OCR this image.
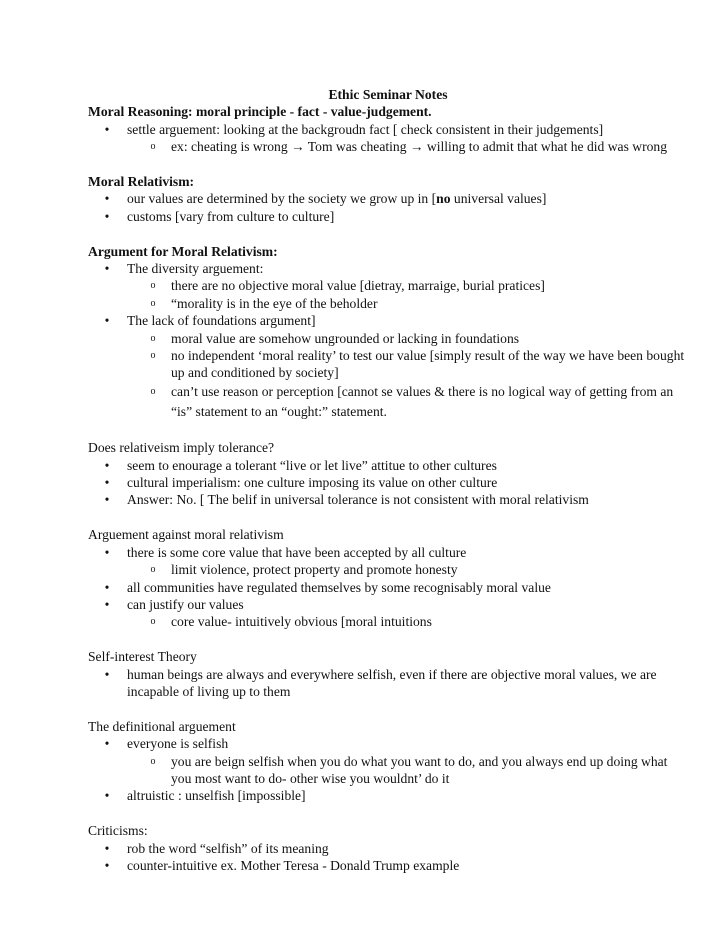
Ethic Seminar Notes

Moral Reasoning: moral principle - fact - value-judgement.

• settle arguement: looking at the backgroudn fact [ check consistent in their judgements]
o ex: cheating is wrong → Tom was cheating → willing to admit that what he did was wrong

Moral Relativism:

• our values are determined by the society we grow up in [no universal values]
• customs [vary from culture to culture]

Argument for Moral Relativism:

• The diversity arguement:
o there are no objective moral value [dietray, marraige, burial pratices]
o “morality is in the eye of the beholder
• The lack of foundations argument]
o moral value are somehow ungrounded or lacking in foundations
o no independent ‘moral reality’ to test our value [simply result of the way we have been bought up and conditioned by society]
o can’t use reason or perception [cannot se values & there is no logical way of getting from an “is” statement to an “ought:” statement.

Does relativeism imply tolerance?

• seem to enourage a tolerant “live or let live” attitue to other cultures
• cultural imperialism: one culture imposing its value on other culture
• Answer: No. [ The belif in universal tolerance is not consistent with moral relativism

Arguement against moral relativism

• there is some core value that have been accepted by all culture
o limit violence, protect property and promote honesty
• all communities have regulated themselves by some recognisably moral value
• can justify our values
o core value- intuitively obvious [moral intuitions

Self-interest Theory

• human beings are always and everywhere selfish, even if there are objective moral values, we are incapable of living up to them

The definitional arguement

• everyone is selfish
o you are beign selfish when you do what you want to do, and you always end up doing what you most want to do- other wise you wouldnt’ do it
• altruistic : unselfish [impossible]

Criticisms:

• rob the word “selfish” of its meaning
• counter-intuitive ex. Mother Teresa - Donald Trump example
